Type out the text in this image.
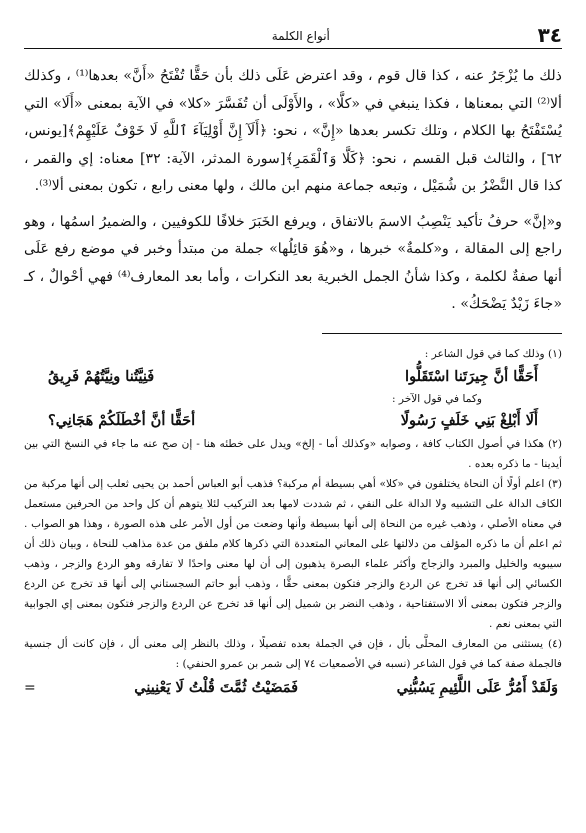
٣٤
أنواع الكلمة

ذلك ما يُزْجَرُ عنه ، كذا قال قوم ، وقد اعترض عَلَى ذلك بأن حَقًّا تُفْتَحُ «أَنَّ» بعدها⁽¹⁾ ، وكذلك ألا⁽²⁾ التي بمعناها ، فكذا ينبغي في «كلَّا» ، والأَوْلَى أن تُفَسَّرَ «كلا» في الآية بمعنى «أَلَا» التي يُسْتَفْتَحُ بها الكلام ، وتلك تكسر بعدها «إِنَّ» ، نحو: ﴿أَلَآ إِنَّ أَوْلِيَآءَ ٱللَّهِ لَا خَوْفٌ عَلَيْهِمْ﴾[يونس، ٦٢] ، والثالث قبل القسم ، نحو: ﴿كَلَّا وَٱلْقَمَرِ﴾[سورة المدثر، الآية: ٣٢] معناه: إي والقمر ، كذا قال النَّضْرُ بن شُمَيْل ، وتبعه جماعة منهم ابن مالك ، ولها معنى رابع ، تكون بمعنى ألا⁽³⁾.

و«إنَّ» حرفُ تأكيد يَنْصِبُ الاسمَ بالاتفاق ، ويرفع الخَبَرَ خلافًا للكوفيين ، والضميرُ اسمُها ، وهو راجع إلى المقالة ، و«كلمةٌ» خبرها ، و«هُوَ قائِلُها» جملة من مبتدأ وخبر في موضع رفع عَلَى أنها صفةٌ لكلمة ، وكذا شأنُ الجمل الخبرية بعد النكرات ، وأما بعد المعارف⁽⁴⁾ فهي أحْوالٌ ، كـ «جاءَ زَيْدٌ يَضْحَكُ» .

(١) وذلك كما في قول الشاعر :

أَحَقًّا أنَّ جِيرَتَنا اسْتَقَلُّوا
فَنِيَّتُنا ونِيَّتُهُمْ فَرِيقُ
وكما في قول الآخر :
أَلَا أَبْلِغْ بَنِي خَلَفٍ رَسُولًا
أحَقًّا أنَّ أخْطَلَكُمْ هَجَانِي؟

(٢) هكذا في أصول الكتاب كافة ، وصوابه «وكذلك أما - إلخ» ويدل على خطئه هنا - إن صح عنه ما جاء في النسخ التي بين أيدينا - ما ذكره بعده .

(٣) اعلم أولًا أن النحاة يختلفون في «كلا» أهي بسيطة أم مركبة؟ فذهب أبو العباس أحمد بن يحيى ثعلب إلى أنها مركبة من الكاف الدالة على التشبيه ولا الدالة على النفي ، ثم شددت لامها بعد التركيب لئلا يتوهم أن كل واحد من الحرفين مستعمل في معناه الأصلي ، وذهب غيره من النحاة إلى أنها بسيطة وأنها وضعت من أول الأمر على هذه الصورة ، وهذا هو الصواب . ثم اعلم أن ما ذكره المؤلف من دلالتها على المعاني المتعددة التي ذكرها كلام ملفق من عدة مذاهب للنحاة ، وبيان ذلك أن سيبويه والخليل والمبرد والزجاج وأكثر علماء البصرة يذهبون إلى أن لها معنى واحدًا لا تفارقه وهو الردع والزجر ، وذهب الكسائي إلى أنها قد تخرج عن الردع والزجر فتكون بمعنى حقًّا ، وذهب أبو حاتم السجستاني إلى أنها قد تخرج عن الردع والزجر فتكون بمعنى ألا الاستفتاحية ، وذهب النضر بن شميل إلى أنها قد تخرج عن الردع والزجر فتكون بمعنى إي الجوابية التي بمعنى نعم .

(٤) يستثنى من المعارف المحلَّى بأل ، فإن في الجملة بعده تفصيلًا ، وذلك بالنظر إلى معنى أل ، فإن كانت أل جنسية فالجملة صفة كما في قول الشاعر (نسبه في الأصمعيات ٧٤ إلى شمر بن عمرو الحنفي) :

وَلَقَدْ أَمُرُّ عَلَى اللَّئِيمِ يَسُبُّنِي
فَمَضَيْتُ ثُمَّتَ قُلْتُ لَا يَعْنِينِي
=
